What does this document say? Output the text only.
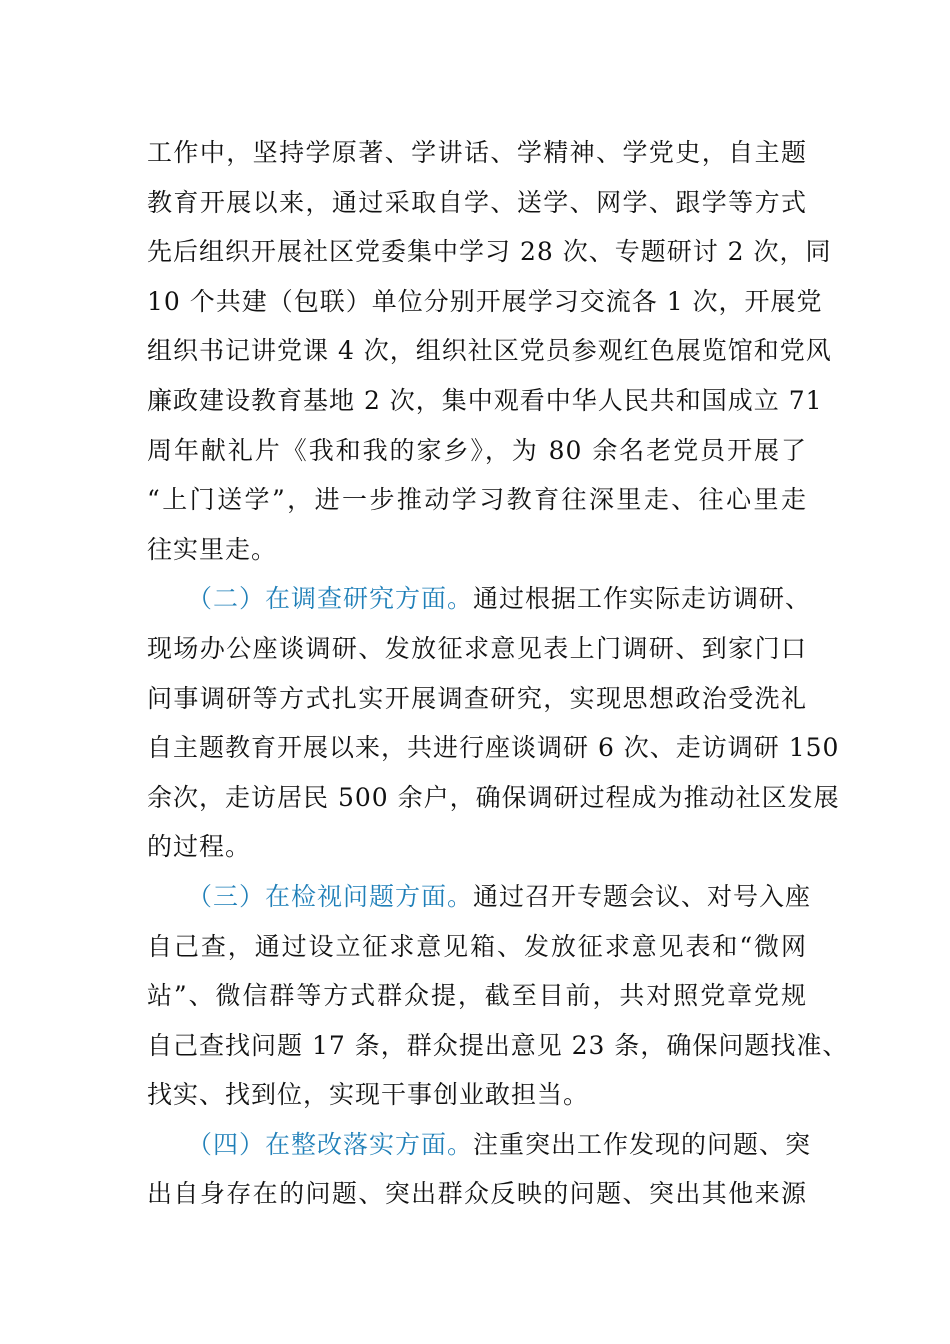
工作中，坚持学原著、学讲话、学精神、学党史，自主题
教育开展以来，通过采取自学、送学、网学、跟学等方式
先后组织开展社区党委集中学习 28 次、专题研讨 2 次，同
10 个共建（包联）单位分别开展学习交流各 1 次，开展党
组织书记讲党课 4 次，组织社区党员参观红色展览馆和党风
廉政建设教育基地 2 次，集中观看中华人民共和国成立 71
周年献礼片《我和我的家乡》，为 80 余名老党员开展了
“上门送学”，进一步推动学习教育往深里走、往心里走
往实里走。
（二）在调查研究方面。通过根据工作实际走访调研、
现场办公座谈调研、发放征求意见表上门调研、到家门口
问事调研等方式扎实开展调查研究，实现思想政治受洗礼
自主题教育开展以来，共进行座谈调研 6 次、走访调研 150
余次，走访居民 500 余户，确保调研过程成为推动社区发展
的过程。
（三）在检视问题方面。通过召开专题会议、对号入座
自己查，通过设立征求意见箱、发放征求意见表和“微网
站”、微信群等方式群众提，截至目前，共对照党章党规
自己查找问题 17 条，群众提出意见 23 条，确保问题找准、
找实、找到位，实现干事创业敢担当。
（四）在整改落实方面。注重突出工作发现的问题、突
出自身存在的问题、突出群众反映的问题、突出其他来源
